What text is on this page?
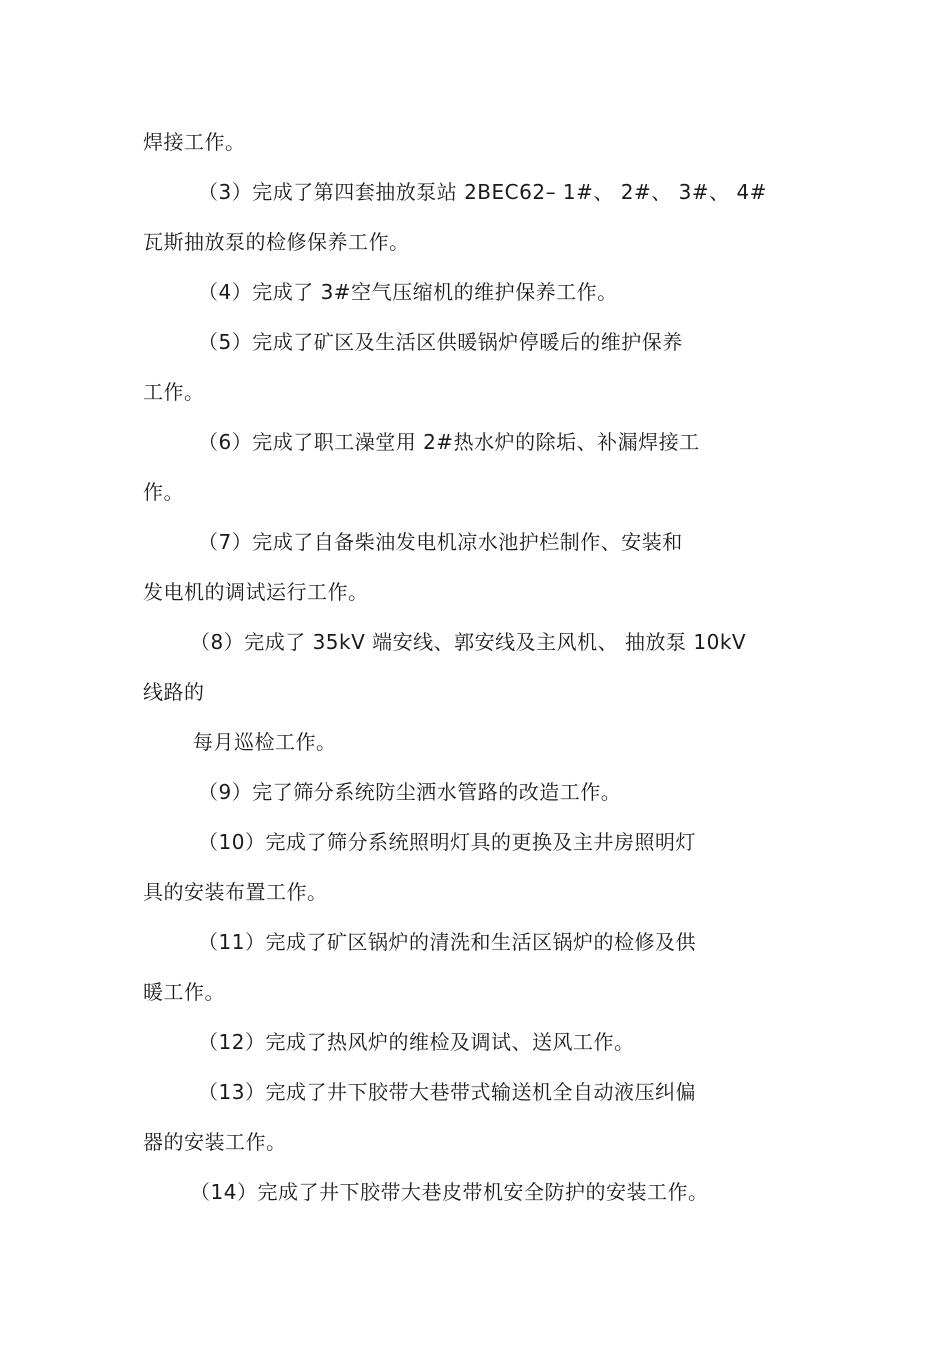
焊接工作。
（3）完成了第四套抽放泵站 2BEC62– 1#、 2#、 3#、 4#
瓦斯抽放泵的检修保养工作。
（4）完成了 3#空气压缩机的维护保养工作。
（5）完成了矿区及生活区供暖锅炉停暖后的维护保养
工作。
（6）完成了职工澡堂用 2#热水炉的除垢、补漏焊接工
作。
（7）完成了自备柴油发电机凉水池护栏制作、安装和
发电机的调试运行工作。
（8）完成了 35kV 端安线、郭安线及主风机、 抽放泵 10kV
线路的
每月巡检工作。
（9）完了筛分系统防尘洒水管路的改造工作。
（10）完成了筛分系统照明灯具的更换及主井房照明灯
具的安装布置工作。
（11）完成了矿区锅炉的清洗和生活区锅炉的检修及供
暖工作。
（12）完成了热风炉的维检及调试、送风工作。
（13）完成了井下胶带大巷带式输送机全自动液压纠偏
器的安装工作。
（14）完成了井下胶带大巷皮带机安全防护的安装工作。
